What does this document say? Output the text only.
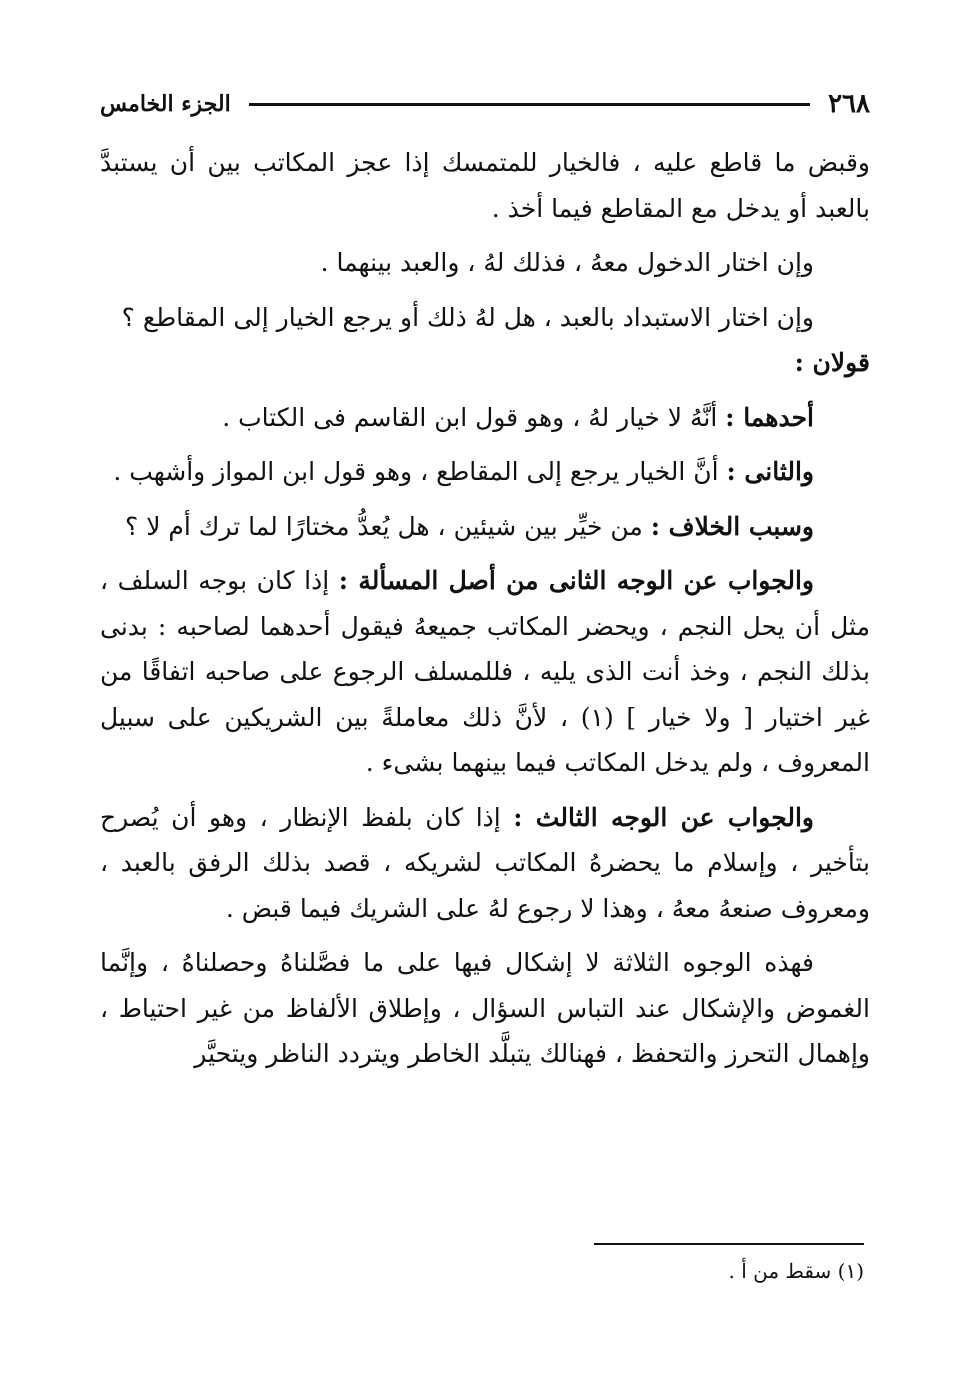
٢٦٨
الجزء الخامس

وقبض ما قاطع عليه ، فالخيار للمتمسك إذا عجز المكاتب بين أن يستبدَّ بالعبد أو يدخل مع المقاطع فيما أخذ .

وإن اختار الدخول معهُ ، فذلك لهُ ، والعبد بينهما .

وإن اختار الاستبداد بالعبد ، هل لهُ ذلك أو يرجع الخيار إلى المقاطع ؟

قولان :

أحدهما : أنَّهُ لا خيار لهُ ، وهو قول ابن القاسم فى الكتاب .

والثانى : أنَّ الخيار يرجع إلى المقاطع ، وهو قول ابن المواز وأشهب .

وسبب الخلاف : من خيِّر بين شيئين ، هل يُعدُّ مختارًا لما ترك أم لا ؟

والجواب عن الوجه الثانى من أصل المسألة : إذا كان بوجه السلف ، مثل أن يحل النجم ، ويحضر المكاتب جميعهُ فيقول أحدهما لصاحبه : بدنى بذلك النجم ، وخذ أنت الذى يليه ، فللمسلف الرجوع على صاحبه اتفاقًا من غير اختيار [ ولا خيار ] (١) ، لأنَّ ذلك معاملةً بين الشريكين على سبيل المعروف ، ولم يدخل المكاتب فيما بينهما بشىء .

والجواب عن الوجه الثالث : إذا كان بلفظ الإنظار ، وهو أن يُصرح بتأخير ، وإسلام ما يحضرهُ المكاتب لشريكه ، قصد بذلك الرفق بالعبد ، ومعروف صنعهُ معهُ ، وهذا لا رجوع لهُ على الشريك فيما قبض .

فهذه الوجوه الثلاثة لا إشكال فيها على ما فصَّلناهُ وحصلناهُ ، وإنَّما الغموض والإشكال عند التباس السؤال ، وإطلاق الألفاظ من غير احتياط ، وإهمال التحرز والتحفظ ، فهنالك يتبلَّد الخاطر ويتردد الناظر ويتحيَّر

(١) سقط من أ .
